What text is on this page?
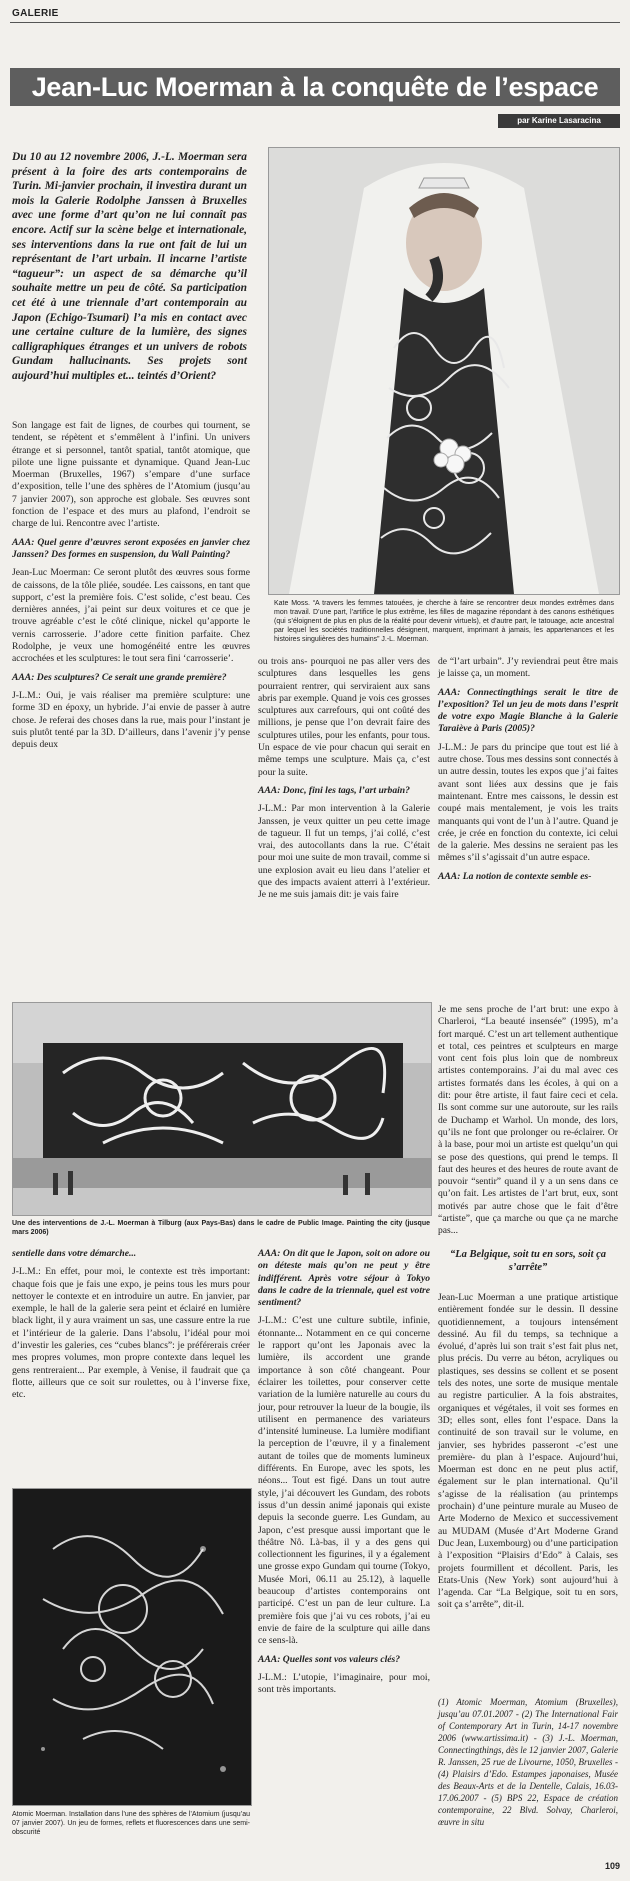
GALERIE
Jean-Luc Moerman à la conquête de l’espace
par Karine Lasaracina
Du 10 au 12 novembre 2006, J.-L. Moerman sera présent à la foire des arts contemporains de Turin. Mi-janvier prochain, il investira durant un mois la Galerie Rodolphe Janssen à Bruxelles avec une forme d’art qu’on ne lui connaît pas encore. Actif sur la scène belge et internationale, ses interventions dans la rue ont fait de lui un représentant de l’art urbain. Il incarne l’artiste “tagueur”: un aspect de sa démarche qu’il souhaite mettre un peu de côté. Sa participation cet été à une triennale d’art contemporain au Japon (Echigo-Tsumari) l’a mis en contact avec une certaine culture de la lumière, des signes calligraphiques étranges et un univers de robots Gundam hallucinants. Ses projets sont aujourd’hui multiples et... teintés d’Orient?
Kate Moss. “A travers les femmes tatouées, je cherche à faire se rencontrer deux mondes extrêmes dans mon travail. D’une part, l’artifice le plus extrême, les filles de magazine répondant à des canons esthétiques (qui s’éloignent de plus en plus de la réalité pour devenir virtuels), et d’autre part, le tatouage, acte ancestral par lequel les sociétés traditionnelles désignent, marquent, imprimant à jamais, les appartenances et les histoires singulières des humains” J.-L. Moerman.

Son langage est fait de lignes, de courbes qui tournent, se tendent, se répètent et s’emmêlent à l’infini. Un univers étrange et si personnel, tantôt spatial, tantôt atomique, que pilote une ligne puissante et dynamique. Quand Jean-Luc Moerman (Bruxelles, 1967) s’empare d’une surface d’exposition, telle l’une des sphères de l’Atomium (jusqu’au 7 janvier 2007), son approche est globale. Ses œuvres sont fonction de l’espace et des murs au plafond, l’endroit se charge de lui. Rencontre avec l’artiste.

AAA: Quel genre d’œuvres seront exposées en janvier chez Janssen? Des formes en suspension, du Wall Painting?

Jean-Luc Moerman: Ce seront plutôt des œuvres sous forme de caissons, de la tôle pliée, soudée. Les caissons, en tant que support, c’est la première fois. C’est solide, c’est beau. Ces dernières années, j’ai peint sur deux voitures et ce que je trouve agréable c’est le côté clinique, nickel qu’apporte le vernis carrosserie. J’adore cette finition parfaite. Chez Rodolphe, je veux une homogénéité entre les œuvres accrochées et les sculptures: le tout sera fini ‘carrosserie’.

AAA: Des sculptures? Ce serait une grande première?

J-L.M.: Oui, je vais réaliser ma première sculpture: une forme 3D en époxy, un hybride. J’ai envie de passer à autre chose. Je referai des choses dans la rue, mais pour l’instant je suis plutôt tenté par la 3D. D’ailleurs, dans l’avenir j’y pense depuis deux

ou trois ans- pourquoi ne pas aller vers des sculptures dans lesquelles les gens pourraient rentrer, qui serviraient aux sans abris par exemple. Quand je vois ces grosses sculptures aux carrefours, qui ont coûté des millions, je pense que l’on devrait faire des sculptures utiles, pour les enfants, pour tous. Un espace de vie pour chacun qui serait en même temps une sculpture. Mais ça, c’est pour la suite.

AAA: Donc, fini les tags, l’art urbain?

J-L.M.: Par mon intervention à la Galerie Janssen, je veux quitter un peu cette image de tagueur. Il fut un temps, j’ai collé, c’est vrai, des autocollants dans la rue. C’était pour moi une suite de mon travail, comme si une explosion avait eu lieu dans l’atelier et que des impacts avaient atterri à l’extérieur. Je ne me suis jamais dit: je vais faire

de “l’art urbain”. J’y reviendrai peut être mais je laisse ça, un moment.

AAA: Connectingthings serait le titre de l’exposition? Tel un jeu de mots dans l’esprit de votre expo Magie Blanche à la Galerie Taraiève à Paris (2005)?

J-L.M.: Je pars du principe que tout est lié à autre chose. Tous mes dessins sont connectés à un autre dessin, toutes les expos que j’ai faites avant sont liées aux dessins que je fais maintenant. Entre mes caissons, le dessin est coupé mais mentalement, je vois les traits manquants qui vont de l’un à l’autre. Quand je crée, je crée en fonction du contexte, ici celui de la galerie. Mes dessins ne seraient pas les mêmes s’il s’agissait d’un autre espace.

AAA: La notion de contexte semble es-

Une des interventions de J.-L. Moerman à Tilburg (aux Pays-Bas) dans le cadre de Public Image. Painting the city (jusque mars 2006)

Je me sens proche de l’art brut: une expo à Charleroi, “La beauté insensée” (1995), m’a fort marqué. C’est un art tellement authentique et total, ces peintres et sculpteurs en marge vont cent fois plus loin que de nombreux artistes contemporains. J’ai du mal avec ces artistes formatés dans les écoles, à qui on a dit: pour être artiste, il faut faire ceci et cela. Ils sont comme sur une autoroute, sur les rails de Duchamp et Warhol. Un monde, des lors, qu’ils ne font que prolonger ou re-éclairer. Or à la base, pour moi un artiste est quelqu’un qui se pose des questions, qui prend le temps. Il faut des heures et des heures de route avant de pouvoir “sentir” quand il y a un sens dans ce qu’on fait. Les artistes de l’art brut, eux, sont motivés par autre chose que le fait d’être “artiste”, que ça marche ou que ça ne marche pas...

sentielle dans votre démarche...

J-L.M.: En effet, pour moi, le contexte est très important: chaque fois que je fais une expo, je peins tous les murs pour nettoyer le contexte et en introduire un autre. En janvier, par exemple, le hall de la galerie sera peint et éclairé en lumière black light, il y aura vraiment un sas, une cassure entre la rue et l’intérieur de la galerie. Dans l’absolu, l’idéal pour moi d’investir les galeries, ces “cubes blancs”: je préférerais créer mes propres volumes, mon propre contexte dans lequel les gens rentreraient... Par exemple, à Venise, il faudrait que ça flotte, ailleurs que ce soit sur roulettes, ou à l’inverse fixe, etc.

Atomic Moerman. Installation dans l’une des sphères de l’Atomium (jusqu’au 07 janvier 2007). Un jeu de formes, reflets et fluorescences dans une semi-obscurité

AAA: On dit que le Japon, soit on adore ou on déteste mais qu’on ne peut y être indifférent. Après votre séjour à Tokyo dans le cadre de la triennale, quel est votre sentiment?

J-L.M.: C’est une culture subtile, infinie, étonnante... Notamment en ce qui concerne le rapport qu’ont les Japonais avec la lumière, ils accordent une grande importance à son côté changeant. Pour éclairer les toilettes, pour conserver cette variation de la lumière naturelle au cours du jour, pour retrouver la lueur de la bougie, ils utilisent en permanence des variateurs d’intensité lumineuse. La lumière modifiant la perception de l’œuvre, il y a finalement autant de toiles que de moments lumineux différents. En Europe, avec les spots, les néons... Tout est figé. Dans un tout autre style, j’ai découvert les Gundam, des robots issus d’un dessin animé japonais qui existe depuis la seconde guerre. Les Gundam, au Japon, c’est presque aussi important que le théâtre Nô. Là-bas, il y a des gens qui collectionnent les figurines, il y a également une grosse expo Gundam qui tourne (Tokyo, Musée Mori, 06.11 au 25.12), à laquelle beaucoup d’artistes contemporains ont participé. C’est un pan de leur culture. La première fois que j’ai vu ces robots, j’ai eu envie de faire de la sculpture qui aille dans ce sens-là.

AAA: Quelles sont vos valeurs clés?

J-L.M.: L’utopie, l’imaginaire, pour moi, sont très importants.

“La Belgique, soit tu en sors, soit ça s’arrête”

Jean-Luc Moerman a une pratique artistique entièrement fondée sur le dessin. Il dessine quotidiennement, a toujours intensément dessiné. Au fil du temps, sa technique a évolué, d’après lui son trait s’est fait plus net, plus précis. Du verre au béton, acryliques ou plastiques, ses dessins se collent et se posent tels des notes, une sorte de musique mentale au registre particulier. A la fois abstraites, organiques et végétales, il voit ses formes en 3D; elles sont, elles font l’espace. Dans la continuité de son travail sur le volume, en janvier, ses hybrides passeront -c’est une première- du plan à l’espace. Aujourd’hui, Moerman est donc en ne peut plus actif, également sur le plan international. Qu’il s’agisse de la réalisation (au printemps prochain) d’une peinture murale au Museo de Arte Moderno de Mexico et successivement au MUDAM (Musée d’Art Moderne Grand Duc Jean, Luxembourg) ou d’une participation à l’exposition “Plaisirs d’Edo” à Calais, ses projets fourmillent et décollent. Paris, les Etats-Unis (New York) sont aujourd’hui à l’agenda. Car “La Belgique, soit tu en sors, soit ça s’arrête”, dit-il.

(1) Atomic Moerman, Atomium (Bruxelles), jusqu’au 07.01.2007 - (2) The International Fair of Contemporary Art in Turin, 14-17 novembre 2006 (www.artissima.it) - (3) J.-L. Moerman, Connectingthings, dès le 12 janvier 2007, Galerie R. Janssen, 25 rue de Livourne, 1050, Bruxelles - (4) Plaisirs d’Edo. Estampes japonaises, Musée des Beaux-Arts et de la Dentelle, Calais, 16.03-17.06.2007 - (5) BPS 22, Espace de création contemporaine, 22 Blvd. Solvay, Charleroi, œuvre in situ
109
